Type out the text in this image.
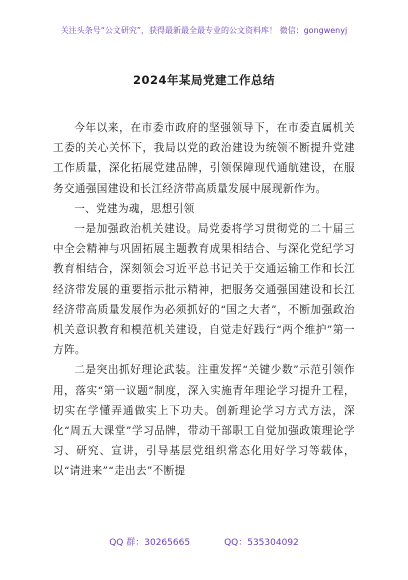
关注头条号“公文研究”，获得最新最全最专业的公文资料库！ 微信：gongwenyj
2024年某局党建工作总结

今年以来，在市委市政府的坚强领导下，在市委直属机关工委的关心关怀下，我局以党的政治建设为统领不断提升党建工作质量，深化拓展党建品牌，引领保障现代通航建设，在服务交通强国建设和长江经济带高质量发展中展现新作为。

一、党建为魂，思想引领

一是加强政治机关建设。局党委将学习贯彻党的二十届三中全会精神与巩固拓展主题教育成果相结合、与深化党纪学习教育相结合，深刻领会习近平总书记关于交通运输工作和长江经济带发展的重要指示批示精神，把服务交通强国建设和长江经济带高质量发展作为必须抓好的“国之大者”，不断加强政治机关意识教育和模范机关建设，自觉走好践行“两个维护”第一方阵。

二是突出抓好理论武装。注重发挥“关键少数”示范引领作用，落实“第一议题”制度，深入实施青年理论学习提升工程，切实在学懂弄通做实上下功夫。创新理论学习方式方法，深化“周五大课堂”学习品牌，带动干部职工自觉加强政策理论学习、研究、宣讲，引导基层党组织常态化用好学习等载体，以“请进来”“走出去”不断提

QQ 群：30265665	QQ：535304092
